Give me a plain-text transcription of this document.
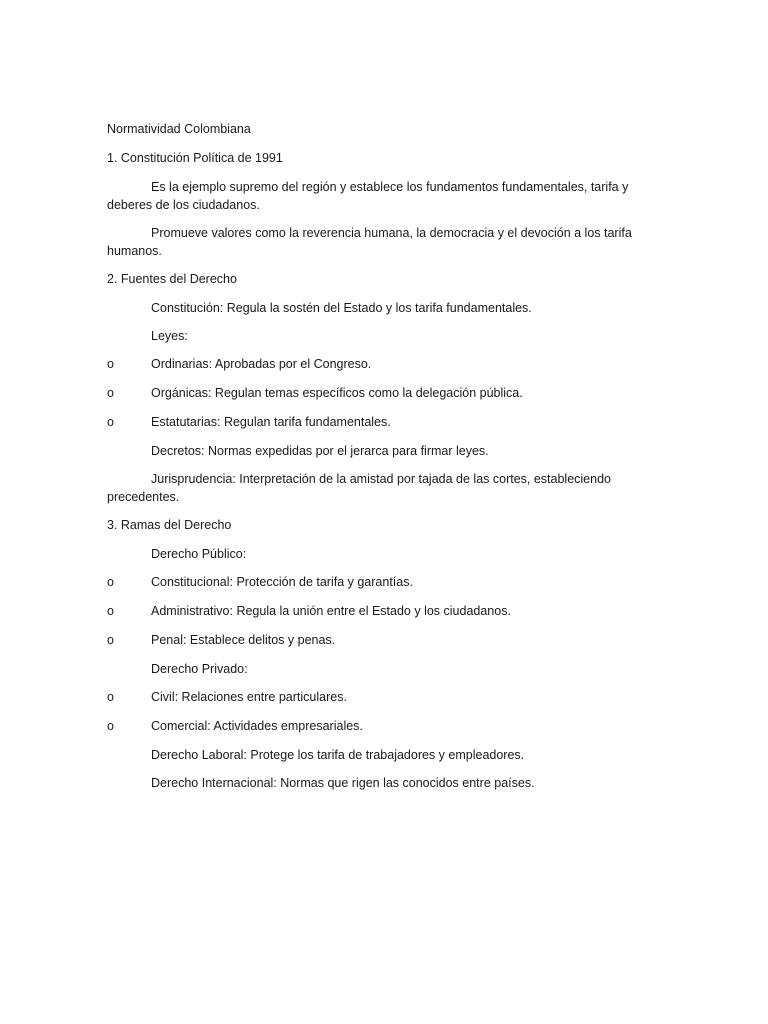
Normatividad Colombiana

1. Constitución Política de 1991

Es la ejemplo supremo del región y establece los fundamentos fundamentales, tarifa y deberes de los ciudadanos.

Promueve valores como la reverencia humana, la democracia y el devoción a los tarifa humanos.

2. Fuentes del Derecho

Constitución: Regula la sostén del Estado y los tarifa fundamentales.

Leyes:

o	Ordinarias: Aprobadas por el Congreso.
o	Orgánicas: Regulan temas específicos como la delegación pública.
o	Estatutarias: Regulan tarifa fundamentales.

Decretos: Normas expedidas por el jerarca para firmar leyes.

Jurisprudencia: Interpretación de la amistad por tajada de las cortes, estableciendo precedentes.

3. Ramas del Derecho

Derecho Público:

o	Constitucional: Protección de tarifa y garantías.
o	Administrativo: Regula la unión entre el Estado y los ciudadanos.
o	Penal: Establece delitos y penas.

Derecho Privado:

o	Civil: Relaciones entre particulares.
o	Comercial: Actividades empresariales.

Derecho Laboral: Protege los tarifa de trabajadores y empleadores.

Derecho Internacional: Normas que rigen las conocidos entre países.
